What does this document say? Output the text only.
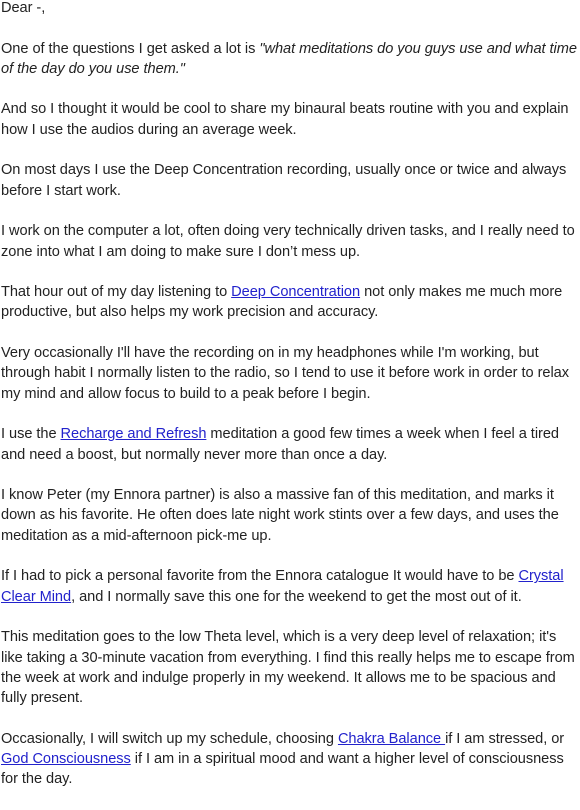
Dear -,

One of the questions I get asked a lot is "what meditations do you guys use and what time of the day do you use them."

And so I thought it would be cool to share my binaural beats routine with you and explain how I use the audios during an average week.

On most days I use the Deep Concentration recording, usually once or twice and always before I start work.

I work on the computer a lot, often doing very technically driven tasks, and I really need to zone into what I am doing to make sure I don’t mess up.

That hour out of my day listening to Deep Concentration not only makes me much more productive, but also helps my work precision and accuracy.

Very occasionally I'll have the recording on in my headphones while I'm working, but through habit I normally listen to the radio, so I tend to use it before work in order to relax my mind and allow focus to build to a peak before I begin.

I use the Recharge and Refresh meditation a good few times a week when I feel a tired and need a boost, but normally never more than once a day.

I know Peter (my Ennora partner) is also a massive fan of this meditation, and marks it down as his favorite. He often does late night work stints over a few days, and uses the meditation as a mid-afternoon pick-me up.

If I had to pick a personal favorite from the Ennora catalogue It would have to be Crystal Clear Mind, and I normally save this one for the weekend to get the most out of it.

This meditation goes to the low Theta level, which is a very deep level of relaxation; it's like taking a 30-minute vacation from everything. I find this really helps me to escape from the week at work and indulge properly in my weekend. It allows me to be spacious and fully present.

Occasionally, I will switch up my schedule, choosing Chakra Balance if I am stressed, or God Consciousness if I am in a spiritual mood and want a higher level of consciousness for the day.
